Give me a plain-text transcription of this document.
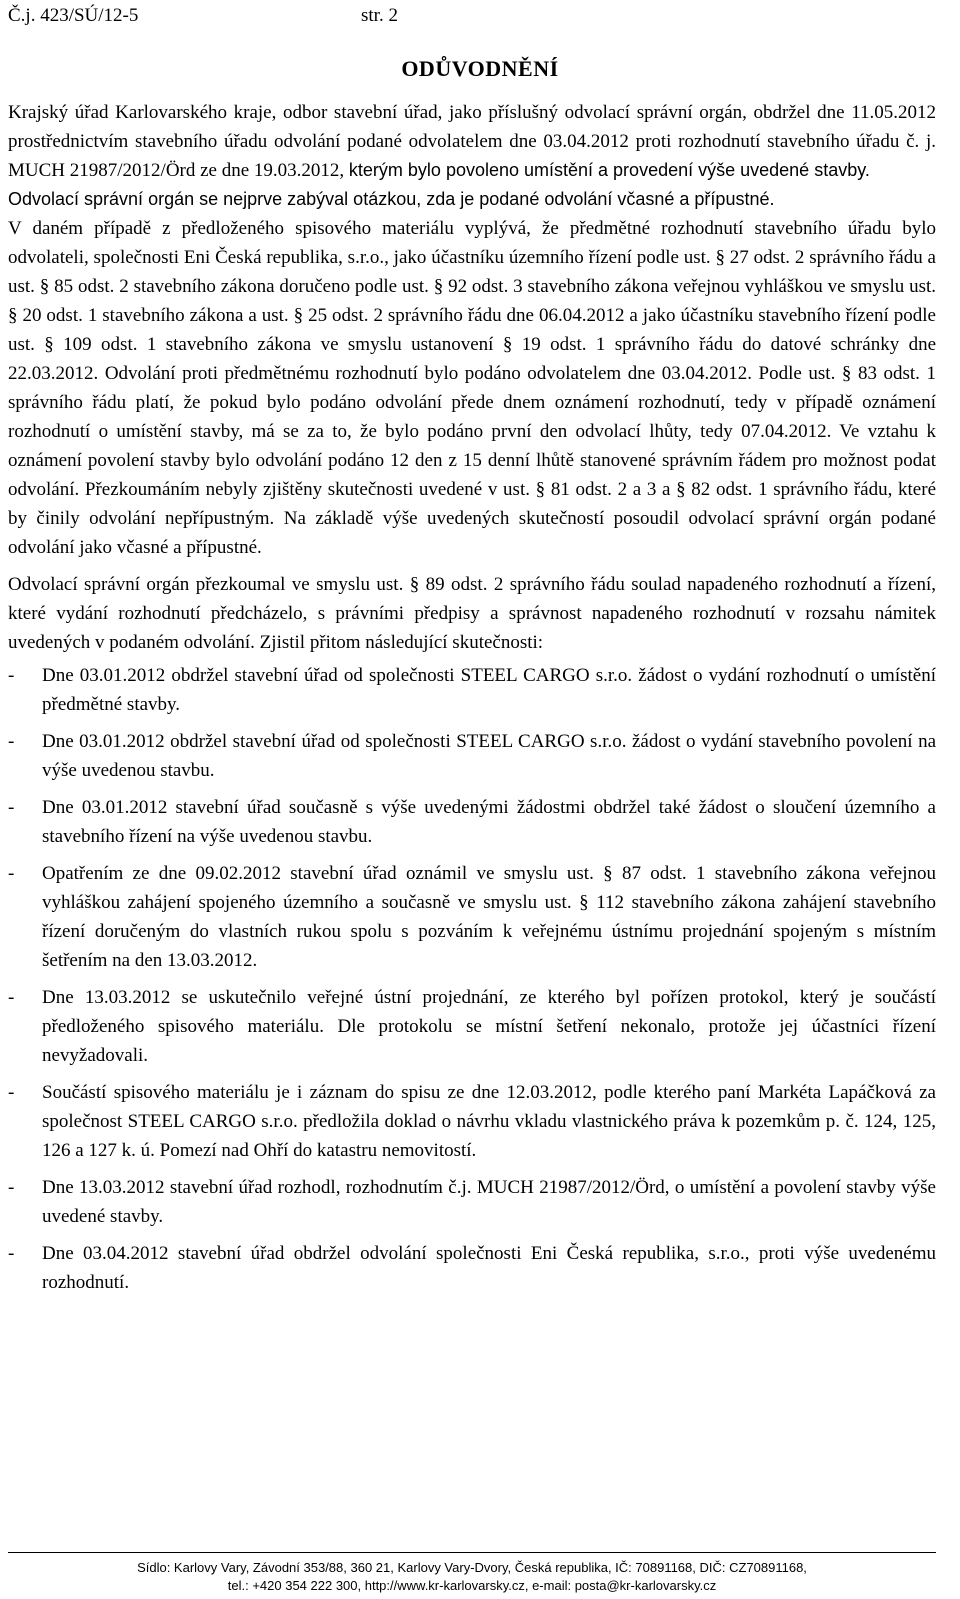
Č.j. 423/SÚ/12-5	str. 2
ODŮVODNĚNÍ

Krajský úřad Karlovarského kraje, odbor stavební úřad, jako příslušný odvolací správní orgán, obdržel dne 11.05.2012 prostřednictvím stavebního úřadu odvolání podané odvolatelem dne 03.04.2012 proti rozhodnutí stavebního úřadu č. j. MUCH 21987/2012/Örd ze dne 19.03.2012, kterým bylo povoleno umístění a provedení výše uvedené stavby.

Odvolací správní orgán se nejprve zabýval otázkou, zda je podané odvolání včasné a přípustné.

V daném případě z předloženého spisového materiálu vyplývá, že předmětné rozhodnutí stavebního úřadu bylo odvolateli, společnosti Eni Česká republika, s.r.o., jako účastníku územního řízení podle ust. § 27 odst. 2 správního řádu a ust. § 85 odst. 2 stavebního zákona doručeno podle ust. § 92 odst. 3 stavebního zákona veřejnou vyhláškou ve smyslu ust. § 20 odst. 1 stavebního zákona a ust. § 25 odst. 2 správního řádu dne 06.04.2012 a jako účastníku stavebního řízení podle ust. § 109 odst. 1 stavebního zákona ve smyslu ustanovení § 19 odst. 1 správního řádu do datové schránky dne 22.03.2012. Odvolání proti předmětnému rozhodnutí bylo podáno odvolatelem dne 03.04.2012. Podle ust. § 83 odst. 1 správního řádu platí, že pokud bylo podáno odvolání přede dnem oznámení rozhodnutí, tedy v případě oznámení rozhodnutí o umístění stavby, má se za to, že bylo podáno první den odvolací lhůty, tedy 07.04.2012. Ve vztahu k oznámení povolení stavby bylo odvolání podáno 12 den z 15 denní lhůtě stanovené správním řádem pro možnost podat odvolání. Přezkoumáním nebyly zjištěny skutečnosti uvedené v ust. § 81 odst. 2 a 3 a § 82 odst. 1 správního řádu, které by činily odvolání nepřípustným. Na základě výše uvedených skutečností posoudil odvolací správní orgán podané odvolání jako včasné a přípustné.

Odvolací správní orgán přezkoumal ve smyslu ust. § 89 odst. 2 správního řádu soulad napadeného rozhodnutí a řízení, které vydání rozhodnutí předcházelo, s právními předpisy a správnost napadeného rozhodnutí v rozsahu námitek uvedených v podaném odvolání. Zjistil přitom následující skutečnosti:

- Dne 03.01.2012 obdržel stavební úřad od společnosti STEEL CARGO s.r.o. žádost o vydání rozhodnutí o umístění předmětné stavby.
- Dne 03.01.2012 obdržel stavební úřad od společnosti STEEL CARGO s.r.o. žádost o vydání stavebního povolení na výše uvedenou stavbu.
- Dne 03.01.2012 stavební úřad současně s výše uvedenými žádostmi obdržel také žádost o sloučení územního a stavebního řízení na výše uvedenou stavbu.
- Opatřením ze dne 09.02.2012 stavební úřad oznámil ve smyslu ust. § 87 odst. 1 stavebního zákona veřejnou vyhláškou zahájení spojeného územního a současně ve smyslu ust. § 112 stavebního zákona zahájení stavebního řízení doručeným do vlastních rukou spolu s pozváním k veřejnému ústnímu projednání spojeným s místním šetřením na den 13.03.2012.
- Dne 13.03.2012 se uskutečnilo veřejné ústní projednání, ze kterého byl pořízen protokol, který je součástí předloženého spisového materiálu. Dle protokolu se místní šetření nekonalo, protože jej účastníci řízení nevyžadovali.
- Součástí spisového materiálu je i záznam do spisu ze dne 12.03.2012, podle kterého paní Markéta Lapáčková za společnost STEEL CARGO s.r.o. předložila doklad o návrhu vkladu vlastnického práva k pozemkům p. č. 124, 125, 126 a 127 k. ú. Pomezí nad Ohří do katastru nemovitostí.
- Dne 13.03.2012 stavební úřad rozhodl, rozhodnutím č.j. MUCH 21987/2012/Örd, o umístění a povolení stavby výše uvedené stavby.
- Dne 03.04.2012 stavební úřad obdržel odvolání společnosti Eni Česká republika, s.r.o., proti výše uvedenému rozhodnutí.
Sídlo: Karlovy Vary, Závodní 353/88, 360 21, Karlovy Vary-Dvory, Česká republika, IČ: 70891168, DIČ: CZ70891168,
tel.: +420 354 222 300, http://www.kr-karlovarsky.cz, e-mail: posta@kr-karlovarsky.cz
